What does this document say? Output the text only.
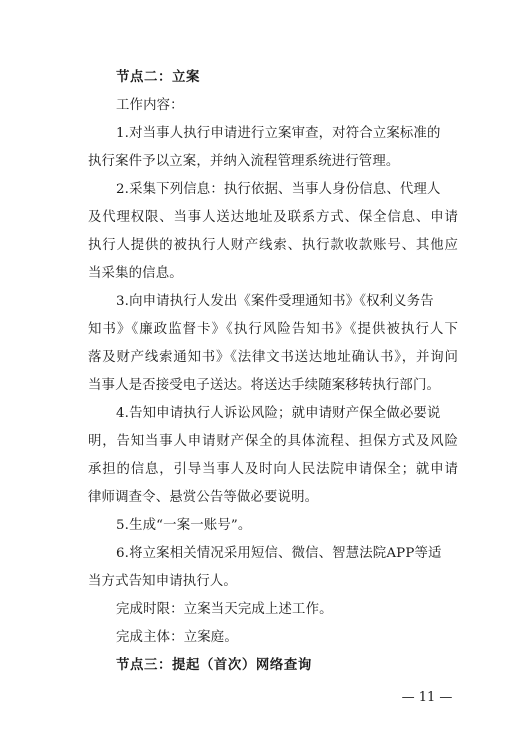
节点二：立案
工作内容：
1.对当事人执行申请进行立案审查，对符合立案标准的
执行案件予以立案，并纳入流程管理系统进行管理。
2.采集下列信息：执行依据、当事人身份信息、代理人
及代理权限、当事人送达地址及联系方式、保全信息、申请
执行人提供的被执行人财产线索、执行款收款账号、其他应
当采集的信息。
3.向申请执行人发出《案件受理通知书》《权利义务告
知书》《廉政监督卡》《执行风险告知书》《提供被执行人下
落及财产线索通知书》《法律文书送达地址确认书》，并询问
当事人是否接受电子送达。将送达手续随案移转执行部门。
4.告知申请执行人诉讼风险；就申请财产保全做必要说
明，告知当事人申请财产保全的具体流程、担保方式及风险
承担的信息，引导当事人及时向人民法院申请保全；就申请
律师调查令、悬赏公告等做必要说明。
5.生成“一案一账号”。
6.将立案相关情况采用短信、微信、智慧法院APP等适
当方式告知申请执行人。
完成时限：立案当天完成上述工作。
完成主体：立案庭。
节点三：提起（首次）网络查询
— 11 —
